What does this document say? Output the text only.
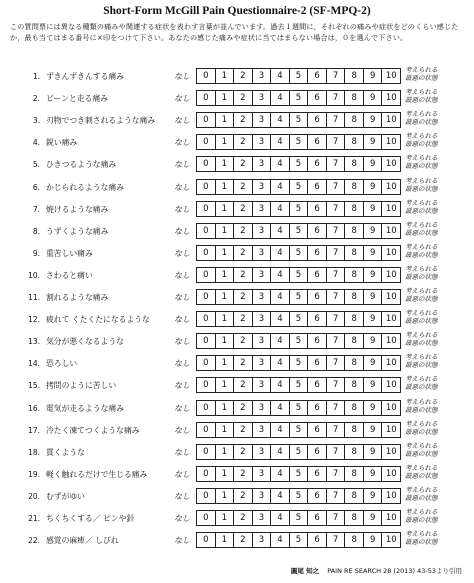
Short-Form McGill Pain Questionnaire-2 (SF-MPQ-2)
この質問票には異なる種類の痛みや関連する症状を表わす言葉が並んでいます。過去１週間に，それぞれの痛みや症状をどのくらい感じたか，最も当てはまる番号に×印をつけて下さい。あなたの感じた痛みや症状に当てはまらない場合は，０を選んで下さい。
1. ずきんずきんする痛み	なし	0	1	2	3	4	5	6	7	8	9	10
考えられる
最悪の状態
2. ビーンと走る痛み	なし	0	1	2	3	4	5	6	7	8	9	10
考えられる
最悪の状態
3. 刃物でつき刺されるような痛み なし	0	1	2	3	4	5	6	7	8	9	10
考えられる
最悪の状態
4. 鋭い痛み	なし	0	1	2	3	4	5	6	7	8	9	10
考えられる
最悪の状態
5. ひきつるような痛み	なし	0	1	2	3	4	5	6	7	8	9	10
考えられる
最悪の状態
6. かじられるような痛み	なし	0	1	2	3	4	5	6	7	8	9	10
考えられる
最悪の状態
7. 焼けるような痛み	なし	0	1	2	3	4	5	6	7	8	9	10
考えられる
最悪の状態
8. うずくような痛み	なし	0	1	2	3	4	5	6	7	8	9	10
考えられる
最悪の状態
9. 重苦しい痛み	なし	0	1	2	3	4	5	6	7	8	9	10
考えられる
最悪の状態
10. さわると痛い	なし	0	1	2	3	4	5	6	7	8	9	10
考えられる
最悪の状態
11. 割れるような痛み	なし	0	1	2	3	4	5	6	7	8	9	10
考えられる
最悪の状態
12. 疲れて くたくたになるような	なし	0	1	2	3	4	5	6	7	8	9	10
考えられる
最悪の状態
13. 気分が悪くなるような	なし	0	1	2	3	4	5	6	7	8	9	10
考えられる
最悪の状態
14. 恐ろしい	なし	0	1	2	3	4	5	6	7	8	9	10
考えられる
最悪の状態
15. 拷問のように苦しい	なし	0	1	2	3	4	5	6	7	8	9	10
考えられる
最悪の状態
16. 電気が走るような痛み	なし	0	1	2	3	4	5	6	7	8	9	10
考えられる
最悪の状態
17. 冷たく凍てつくような痛み	なし	0	1	2	3	4	5	6	7	8	9	10
考えられる
最悪の状態
18. 貫くような	なし	0	1	2	3	4	5	6	7	8	9	10
考えられる
最悪の状態
19. 軽く触れるだけで生じる痛み	なし	0	1	2	3	4	5	6	7	8	9	10
考えられる
最悪の状態
20. むずがゆい	なし	0	1	2	3	4	5	6	7	8	9	10
考えられる
最悪の状態
21. ちくちくする／ ピンや針	なし	0	1	2	3	4	5	6	7	8	9	10
考えられる
最悪の状態
22. 感覚の麻痺／ しびれ	なし	0	1	2	3	4	5	6	7	8	9	10
考えられる
最悪の状態
圓尾 知之 PAIN RE SEARCH 28 (2013) 43-53より引用
